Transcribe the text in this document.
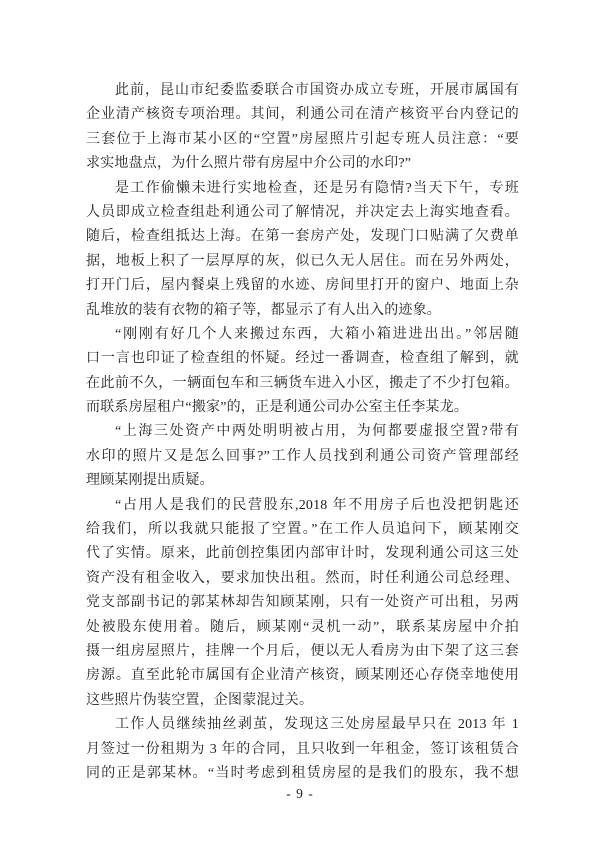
此前，昆山市纪委监委联合市国资办成立专班，开展市属国有
企业清产核资专项治理。其间，利通公司在清产核资平台内登记的
三套位于上海市某小区的“空置”房屋照片引起专班人员注意：“要
求实地盘点，为什么照片带有房屋中介公司的水印?”
是工作偷懒未进行实地检查，还是另有隐情?当天下午，专班
人员即成立检查组赴利通公司了解情况，并决定去上海实地查看。
随后，检查组抵达上海。在第一套房产处，发现门口贴满了欠费单
据，地板上积了一层厚厚的灰，似已久无人居住。而在另外两处，
打开门后，屋内餐桌上残留的水迹、房间里打开的窗户、地面上杂
乱堆放的装有衣物的箱子等，都显示了有人出入的迹象。
“刚刚有好几个人来搬过东西，大箱小箱进进出出。”邻居随
口一言也印证了检查组的怀疑。经过一番调查，检查组了解到，就
在此前不久，一辆面包车和三辆货车进入小区，搬走了不少打包箱。
而联系房屋租户“搬家”的，正是利通公司办公室主任李某龙。
“上海三处资产中两处明明被占用，为何都要虚报空置?带有
水印的照片又是怎么回事?”工作人员找到利通公司资产管理部经
理顾某刚提出质疑。
“占用人是我们的民营股东,2018 年不用房子后也没把钥匙还
给我们，所以我就只能报了空置。”在工作人员追问下，顾某刚交
代了实情。原来，此前创控集团内部审计时，发现利通公司这三处
资产没有租金收入，要求加快出租。然而，时任利通公司总经理、
党支部副书记的郭某林却告知顾某刚，只有一处资产可出租，另两
处被股东使用着。随后，顾某刚“灵机一动”，联系某房屋中介拍
摄一组房屋照片，挂牌一个月后，便以无人看房为由下架了这三套
房源。直至此轮市属国有企业清产核资，顾某刚还心存侥幸地使用
这些照片伪装空置，企图蒙混过关。
工作人员继续抽丝剥茧，发现这三处房屋最早只在 2013 年 1
月签过一份租期为 3 年的合同，且只收到一年租金，签订该租赁合
同的正是郭某林。“当时考虑到租赁房屋的是我们的股东，我不想
- 9 -
